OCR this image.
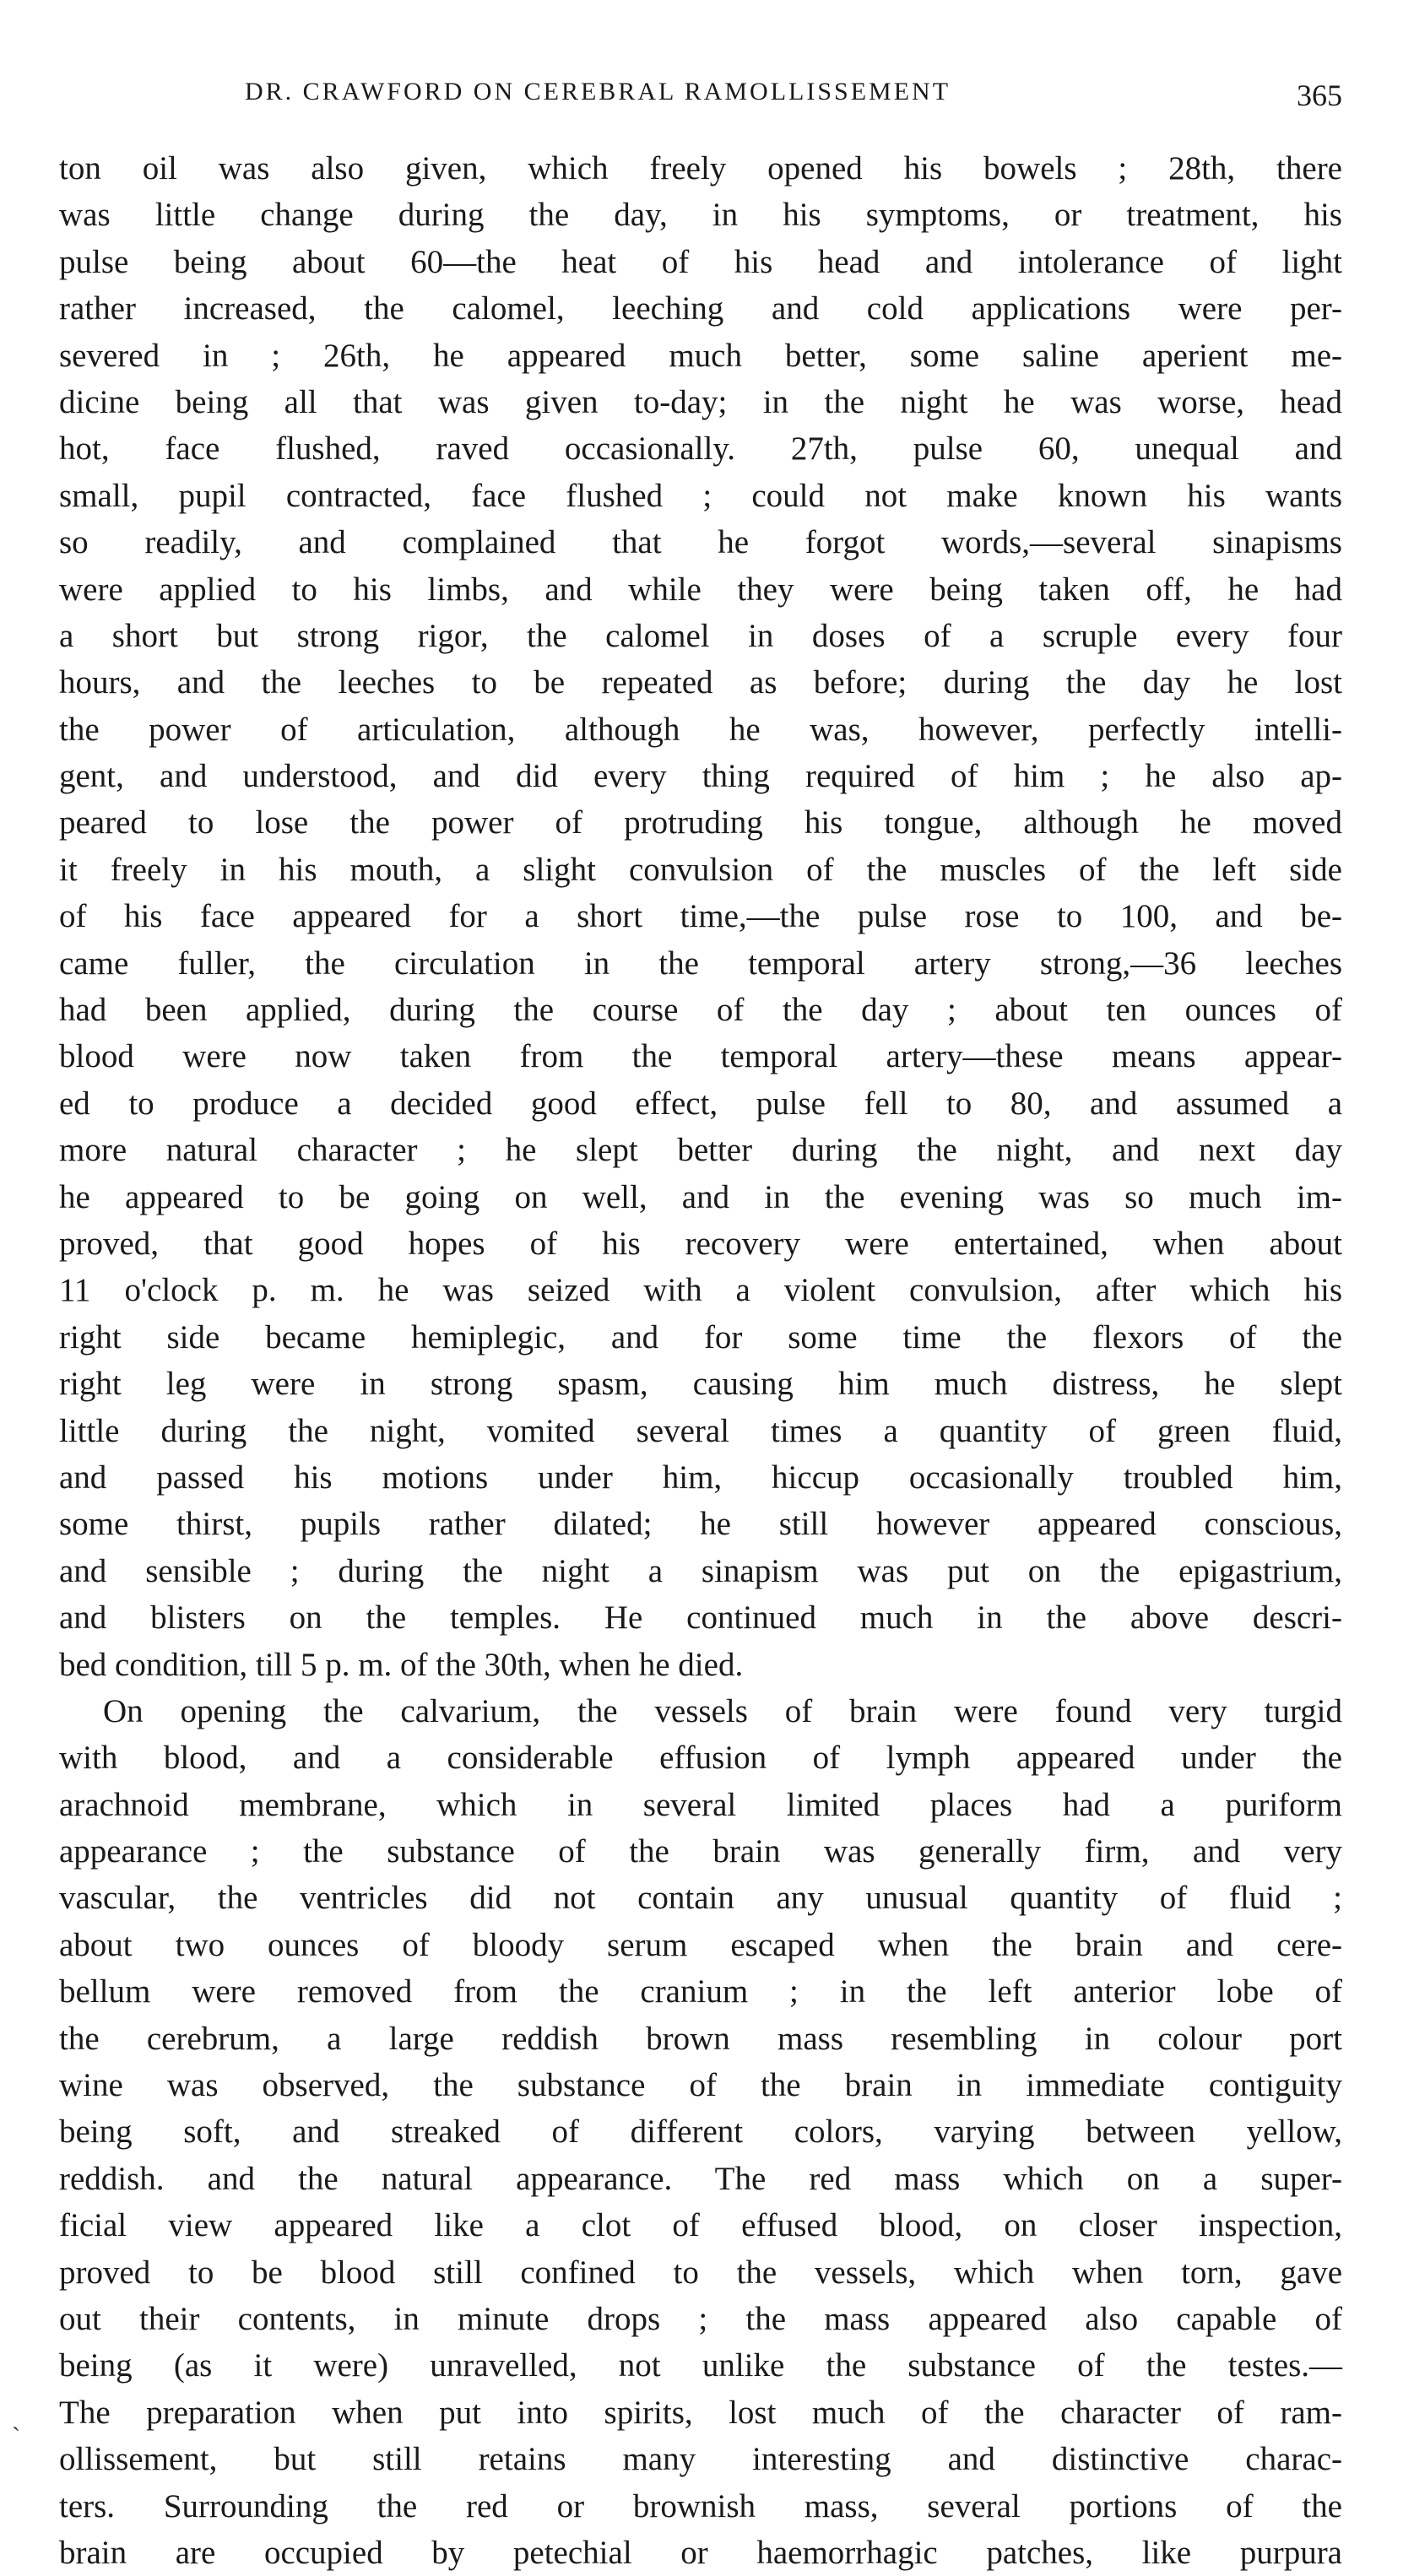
DR. CRAWFORD ON CEREBRAL RAMOLLISSEMENT	365
ton oil was also given, which freely opened his bowels ; 28th, there
was little change during the day, in his symptoms, or treatment, his
pulse being about 60—the heat of his head and intolerance of light
rather increased, the calomel, leeching and cold applications were per-
severed in ; 26th, he appeared much better, some saline aperient me-
dicine being all that was given to-day; in the night he was worse, head
hot, face flushed, raved occasionally. 27th, pulse 60, unequal and
small, pupil contracted, face flushed ; could not make known his wants
so readily, and complained that he forgot words,—several sinapisms
were applied to his limbs, and while they were being taken off, he had
a short but strong rigor, the calomel in doses of a scruple every four
hours, and the leeches to be repeated as before; during the day he lost
the power of articulation, although he was, however, perfectly intelli-
gent, and understood, and did every thing required of him ; he also ap-
peared to lose the power of protruding his tongue, although he moved
it freely in his mouth, a slight convulsion of the muscles of the left side
of his face appeared for a short time,—the pulse rose to 100, and be-
came fuller, the circulation in the temporal artery strong,—36 leeches
had been applied, during the course of the day ; about ten ounces of
blood were now taken from the temporal artery—these means appear-
ed to produce a decided good effect, pulse fell to 80, and assumed a
more natural character ; he slept better during the night, and next day
he appeared to be going on well, and in the evening was so much im-
proved, that good hopes of his recovery were entertained, when about
11 o'clock p. m. he was seized with a violent convulsion, after which his
right side became hemiplegic, and for some time the flexors of the
right leg were in strong spasm, causing him much distress, he slept
little during the night, vomited several times a quantity of green fluid,
and passed his motions under him, hiccup occasionally troubled him,
some thirst, pupils rather dilated; he still however appeared conscious,
and sensible ; during the night a sinapism was put on the epigastrium,
and blisters on the temples. He continued much in the above descri-
bed condition, till 5 p. m. of the 30th, when he died.
On opening the calvarium, the vessels of brain were found very turgid
with blood, and a considerable effusion of lymph appeared under the
arachnoid membrane, which in several limited places had a puriform
appearance ; the substance of the brain was generally firm, and very
vascular, the ventricles did not contain any unusual quantity of fluid ;
about two ounces of bloody serum escaped when the brain and cere-
bellum were removed from the cranium ; in the left anterior lobe of
the cerebrum, a large reddish brown mass resembling in colour port
wine was observed, the substance of the brain in immediate contiguity
being soft, and streaked of different colors, varying between yellow,
reddish. and the natural appearance. The red mass which on a super-
ficial view appeared like a clot of effused blood, on closer inspection,
proved to be blood still confined to the vessels, which when torn, gave
out their contents, in minute drops ; the mass appeared also capable of
being (as it were) unravelled, not unlike the substance of the testes.—
The preparation when put into spirits, lost much of the character of ram-
ollissement, but still retains many interesting and distinctive charac-
ters. Surrounding the red or brownish mass, several portions of the
brain are occupied by petechial or haemorrhagic patches, like purpura
`
